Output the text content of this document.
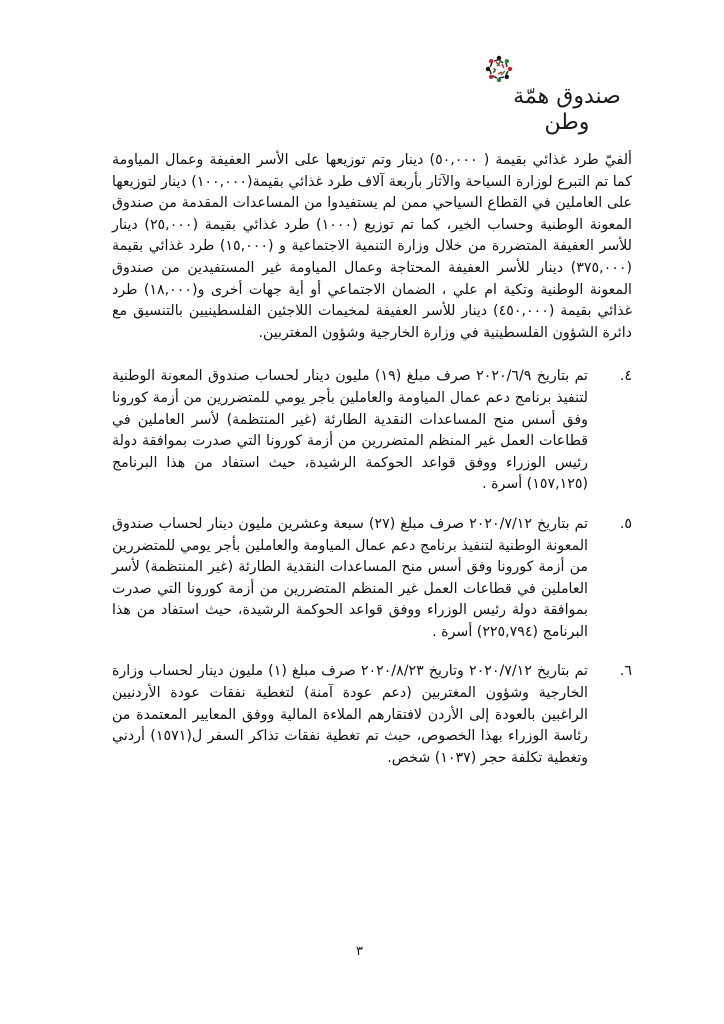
صندوق همّة وطن

ألفيّ طرد غذائي بقيمة ( ٥٠,٠٠٠) دينار وتم توزيعها على الأسر العفيفة وعمال المياومة كما تم التبرع لوزارة السياحة والآثار بأربعة آلاف طرد غذائي بقيمة(١٠٠,٠٠٠) دينار لتوزيعها على العاملين في القطاع السياحي ممن لم يستفيدوا من المساعدات المقدمة من صندوق المعونة الوطنية وحساب الخير، كما تم توزيع (١٠٠٠) طرد غذائي بقيمة (٢٥,٠٠٠) دينار للأسر العفيفة المتضررة من خلال وزارة التنمية الاجتماعية و (١٥,٠٠٠) طرد غذائي بقيمة (٣٧٥,٠٠٠) دينار للأسر العفيفة المحتاجة وعمال المياومة غير المستفيدين من صندوق المعونة الوطنية وتكية ام علي ، الضمان الاجتماعي أو أية جهات أخرى و(١٨,٠٠٠) طرد غذائي بقيمة (٤٥٠,٠٠٠) دينار للأسر العفيفة لمخيمات اللاجئين الفلسطينيين بالتنسيق مع دائرة الشؤون الفلسطينية في وزارة الخارجية وشؤون المغتربين.

٤.
تم بتاريخ ٢٠٢٠/٦/٩ صرف مبلغ (١٩) مليون دينار لحساب صندوق المعونة الوطنية لتنفيذ برنامج دعم عمال المياومة والعاملين بأجر يومي للمتضررين من أزمة كورونا وفق أسس منح المساعدات النقدية الطارئة (غير المنتظمة) لأسر العاملين في قطاعات العمل غير المنظم المتضررين من أزمة كورونا التي صدرت بموافقة دولة رئيس الوزراء ووفق قواعد الحوكمة الرشيدة، حيث استفاد من هذا البرنامج (١٥٧,١٢٥) أسرة .
٥.
تم بتاريخ ٢٠٢٠/٧/١٢ صرف مبلغ (٢٧) سبعة وعشرين مليون دينار لحساب صندوق المعونة الوطنية لتنفيذ برنامج دعم عمال المياومة والعاملين بأجر يومي للمتضررين من أزمة كورونا وفق أسس منح المساعدات النقدية الطارئة (غير المنتظمة) لأسر العاملين في قطاعات العمل غير المنظم المتضررين من أزمة كورونا التي صدرت بموافقة دولة رئيس الوزراء ووفق قواعد الحوكمة الرشيدة، حيث استفاد من هذا البرنامج (٢٢٥,٧٩٤) أسرة .
٦.
تم بتاريخ ٢٠٢٠/٧/١٢ وتاريخ ٢٠٢٠/٨/٢٣ صرف مبلغ (١) مليون دينار لحساب وزارة الخارجية وشؤون المغتربين (دعم عودة آمنة) لتغطية نفقات عودة الأردنيين الراغبين بالعودة إلى الأردن لافتقارهم الملاءة المالية ووفق المعايير المعتمدة من رئاسة الوزراء بهذا الخصوص، حيث تم تغطية نفقات تذاكر السفر ل(١٥٧١) أردني وتغطية تكلفة حجر (١٠٣٧) شخص.
٣
